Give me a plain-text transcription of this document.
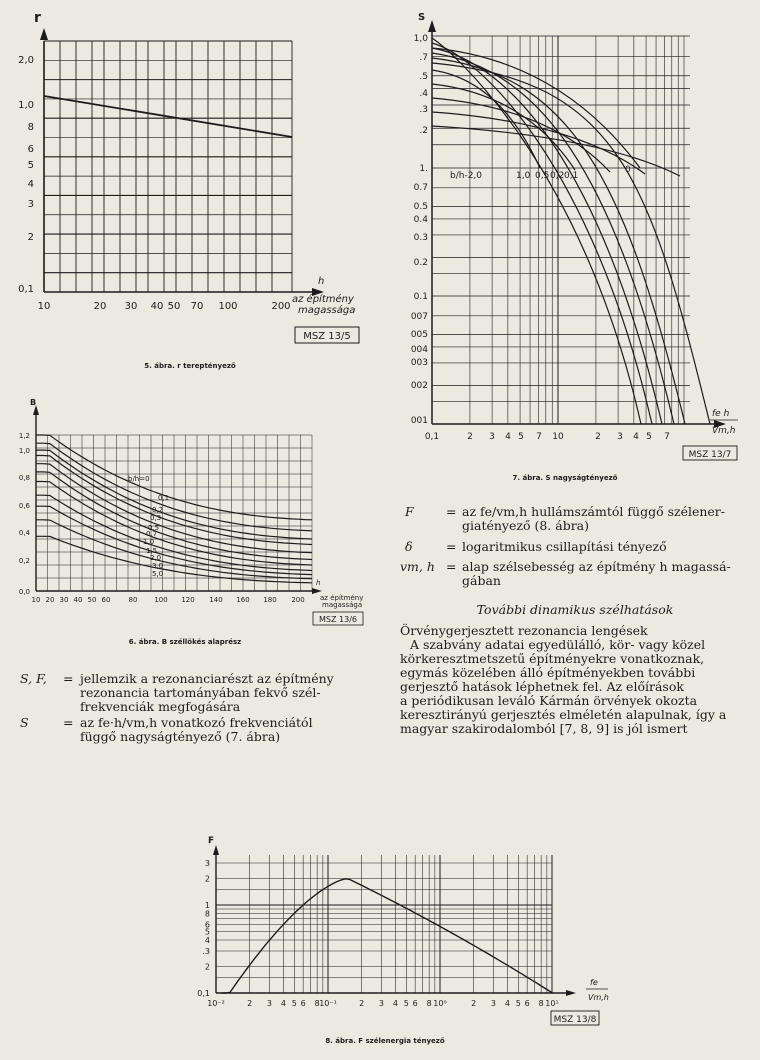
r
2,0
1,0
8
6
5
4
3
2
0,1
10	20 30 40 50 70 100	200
h
az építmény
magassága
MSZ 13/5
5. ábra. r tereptényező
b/h=0
0,1
0,2
0,3
0,5
0,7
1,0
1,5
2,0
3,0
5,0
B
1,2
1,0
0,8
0,6
0,4
0,2
0,0
10 20 30 40 50 60	80 100 120 140 160 180 200
h
az építmény
magassága
MSZ 13/6
6. ábra. B széllökés alaprész
b/h-2,0	1,0 0,5 0,2 0,1
0
S
1,0
.7
.5
.4
.3
.2
1.
0.7
0.5
0.4
0.3
0.2
0.1
007
005
004
003
002
001
0,1	2 3 4 5 7 10	2 3 4 5 7
fe h
Vm,h
MSZ 13/7
7. ábra. S nagyságtényező
S, F,	= jellemzik a rezonanciarészt az építmény
rezonancia tartományában fekvő szél-
frekvenciák megfogására
S	= az fe·h/vm,h vonatkozó frekvenciától
függő nagyságtényező (7. ábra)
F	= az fe/vm,h hullámszámtól függő szélener-
giatényező (8. ábra)
δ	= logaritmikus csillapítási tényező
vm, h = alap szélsebesség az építmény h magassá-
gában
További dinamikus szélhatások
Örvénygerjesztett rezonancia lengések
A szabvány adatai egyedülálló, kör- vagy közel
körkeresztmetszetű építményekre vonatkoznak,
egymás közelében álló építményekben további
gerjesztő hatások léphetnek fel. Az előírások
a periódikusan leváló Kármán örvények okozta
keresztirányú gerjesztés elméletén alapulnak, így a
magyar szakirodalomból [7, 8, 9] is jól ismert
F
3
2
1
8
6
5
4
.3
2
0,1
10⁻²	2 3 4 5 6 8 10⁻¹	2 3 4 5 6 8 10⁰	2 3 4 5 6 8 10¹
fe
Vm,h
MSZ 13/8
8. ábra. F szélenergia tényező
